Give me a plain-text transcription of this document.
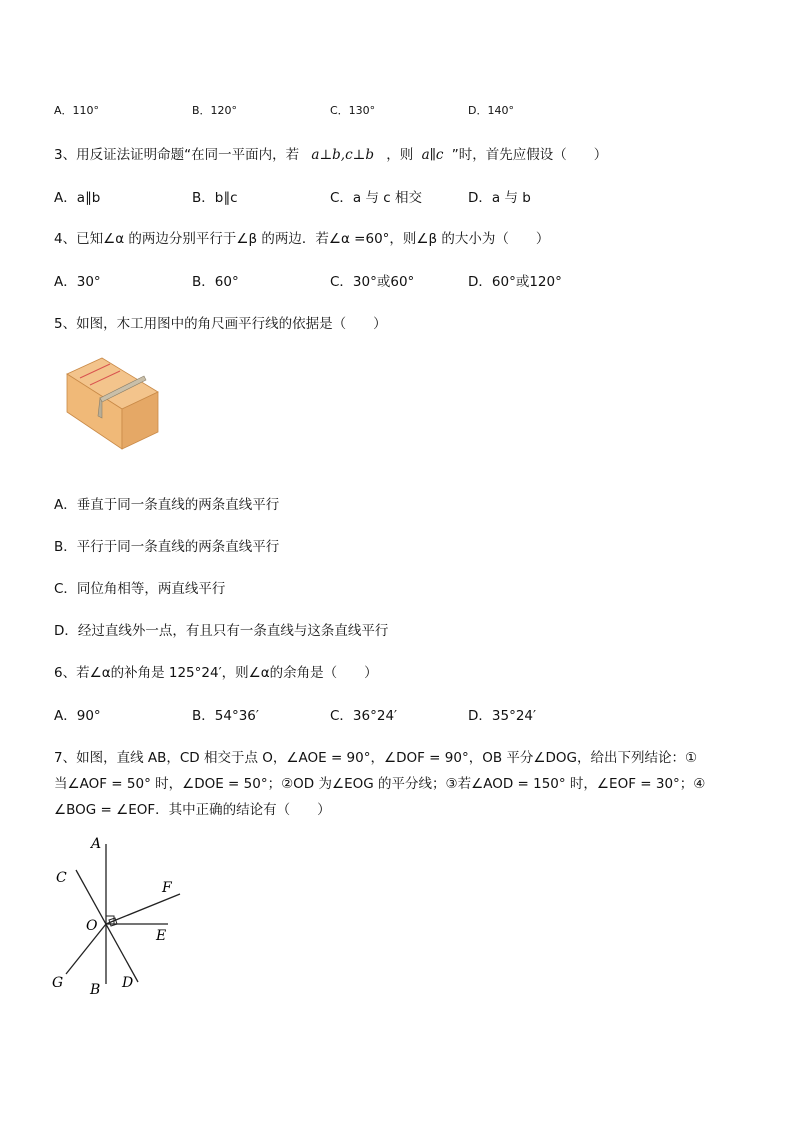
A．110°	B．120°	C．130°	D．140°
3、用反证法证明命题“在同一平面内，若 a⊥b,c⊥b ，则 a∥c ”时，首先应假设（　　）
A．a∥b	B．b∥c	C．a 与 c 相交	D．a 与 b
4、已知∠α 的两边分别平行于∠β 的两边．若∠α =60°，则∠β 的大小为（　　）
A．30°	B．60°	C．30°或60°	D．60°或120°
5、如图，木工用图中的角尺画平行线的依据是（　　）
A．垂直于同一条直线的两条直线平行
B．平行于同一条直线的两条直线平行
C．同位角相等，两直线平行
D．经过直线外一点，有且只有一条直线与这条直线平行
6、若∠α的补角是 125°24′，则∠α的余角是（　　）
A．90°	B．54°36′	C．36°24′	D．35°24′
7、如图，直线 AB，CD 相交于点 O，∠AOE = 90°，∠DOF = 90°，OB 平分∠DOG，给出下列结论：①
当∠AOF = 50° 时，∠DOE = 50°；②OD 为∠EOG 的平分线；③若∠AOD = 150° 时，∠EOF = 30°；④
∠BOG = ∠EOF．其中正确的结论有（　　）
A
C
F
O
E
G B D
